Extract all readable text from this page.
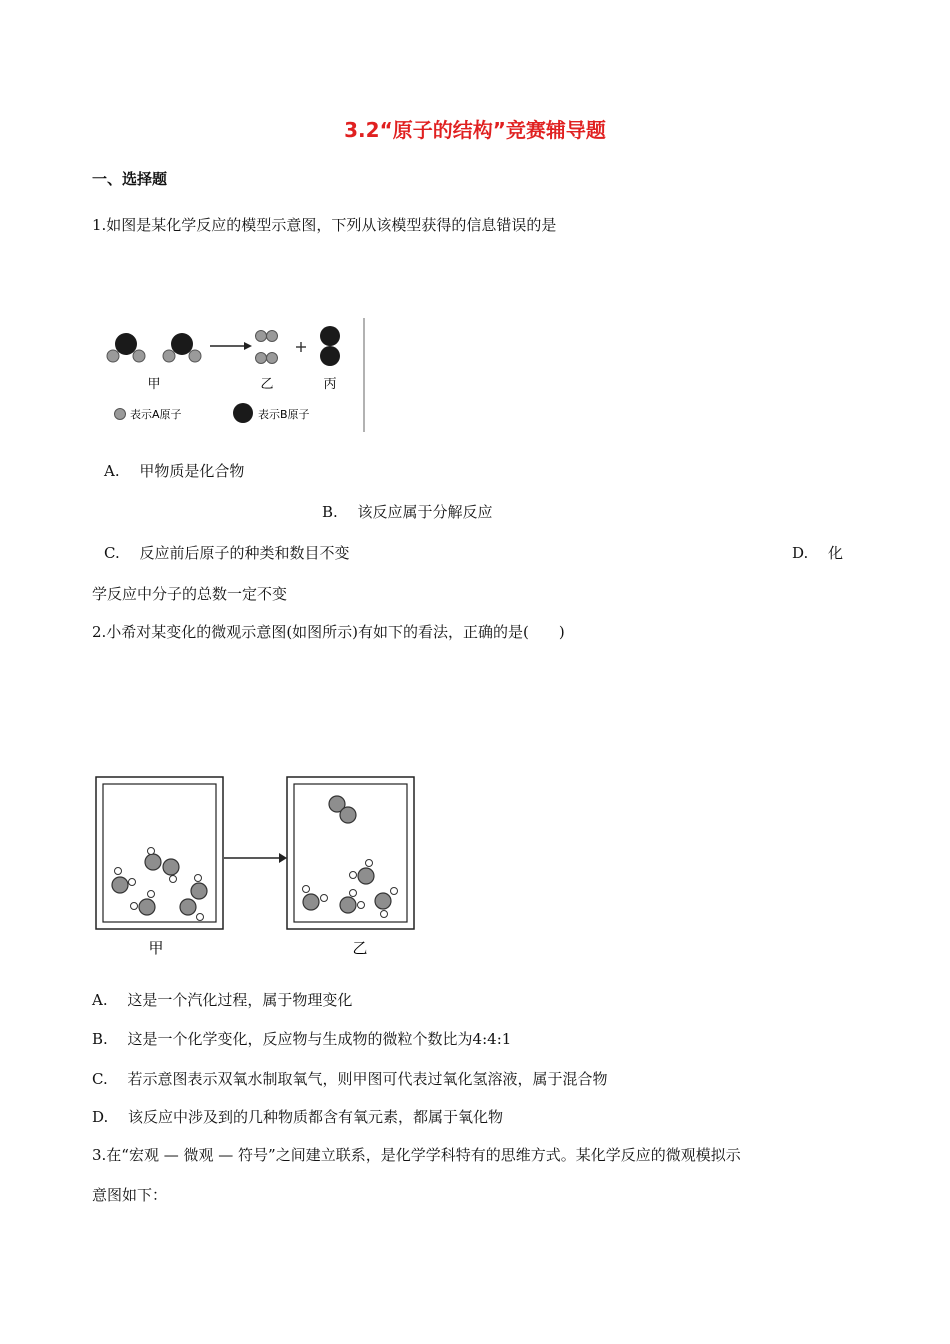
3.2“原子的结构”竞赛辅导题
一、选择题
1.如图是某化学反应的模型示意图，下列从该模型获得的信息错误的是
甲	乙	丙
表示A原子	表示B原子
A.　 甲物质是化合物
B.　 该反应属于分解反应
C.　 反应前后原子的种类和数目不变	D.　 化
学反应中分子的总数一定不变
2.小希对某变化的微观示意图(如图所示)有如下的看法，正确的是(　　)
甲	乙
A.　 这是一个汽化过程，属于物理变化
B.　 这是一个化学变化，反应物与生成物的微粒个数比为4:4:1
C.　 若示意图表示双氧水制取氧气，则甲图可代表过氧化氢溶液，属于混合物
D.　 该反应中涉及到的几种物质都含有氧元素，都属于氧化物
3.在“宏观 — 微观 — 符号”之间建立联系，是化学学科特有的思维方式。某化学反应的微观模拟示
意图如下：
